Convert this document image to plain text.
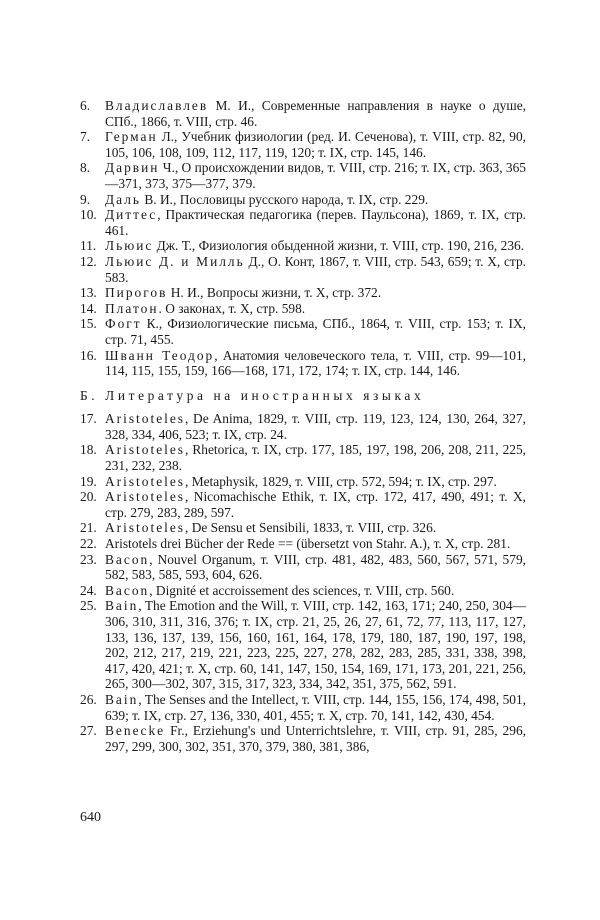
6.	Владиславлев М. И., Современные направления в науке о душе, СПб., 1866, т. VIII, стр. 46.

7.	Герман Л., Учебник физиологии (ред. И. Сеченова), т. VIII, стр. 82, 90, 105, 106, 108, 109, 112, 117, 119, 120; т. IX, стр. 145, 146.

8.	Дарвин Ч., О происхождении видов, т. VIII, стр. 216; т. IX, стр. 363, 365—371, 373, 375—377, 379.

9.	Даль В. И., Пословицы русского народа, т. IX, стр. 229.

10. Диттес, Практическая педагогика (перев. Паульсона), 1869, т. IX, стр. 461.

11. Льюис Дж. Т., Физиология обыденной жизни, т. VIII, стр. 190, 216, 236.

12. Льюис Д. и Милль Д., О. Конт, 1867, т. VIII, стр. 543, 659; т. X, стр. 583.

13. Пирогов Н. И., Вопросы жизни, т. X, стр. 372.

14. Платон. О законах, т. X, стр. 598.

15. Фогт К., Физиологические письма, СПб., 1864, т. VIII, стр. 153; т. IX, стр. 71, 455.

16. Шванн Теодор, Анатомия человеческого тела, т. VIII, стр. 99—101, 114, 115, 155, 159, 166—168, 171, 172, 174; т. IX, стр. 144, 146.

Б. Литература на иностранных языках

17. Aristoteles, De Anima, 1829, т. VIII, стр. 119, 123, 124, 130, 264, 327, 328, 334, 406, 523; т. IX, стр. 24.

18. Aristoteles, Rhetorica, т. IX, стр. 177, 185, 197, 198, 206, 208, 211, 225, 231, 232, 238.

19. Aristoteles, Metaphysik, 1829, т. VIII, стр. 572, 594; т. IX, стр. 297.

20. Aristoteles, Nicomachische Ethik, т. IX, стр. 172, 417, 490, 491; т. X, стр. 279, 283, 289, 597.

21. Aristoteles, De Sensu et Sensibili, 1833, т. VIII, стр. 326.

22. Aristotels drei Bücher der Rede == (übersetzt von Stahr. A.), т. X, стр. 281.

23. Bacon, Nouvel Organum, т. VIII, стр. 481, 482, 483, 560, 567, 571, 579, 582, 583, 585, 593, 604, 626.

24. Bacon, Dignité et accroissement des sciences, т. VIII, стр. 560.

25. Bain, The Emotion and the Will, т. VIII, стр. 142, 163, 171; 240, 250, 304—306, 310, 311, 316, 376; т. IX, стр. 21, 25, 26, 27, 61, 72, 77, 113, 117, 127, 133, 136, 137, 139, 156, 160, 161, 164, 178, 179, 180, 187, 190, 197, 198, 202, 212, 217, 219, 221, 223, 225, 227, 278, 282, 283, 285, 331, 338, 398, 417, 420, 421; т. X, стр. 60, 141, 147, 150, 154, 169, 171, 173, 201, 221, 256, 265, 300—302, 307, 315, 317, 323, 334, 342, 351, 375, 562, 591.

26. Bain, The Senses and the Intellect, т. VIII, стр. 144, 155, 156, 174, 498, 501, 639; т. IX, стр. 27, 136, 330, 401, 455; т. X, стр. 70, 141, 142, 430, 454.

27. Benecke Fr., Erziehung's und Unterrichtslehre, т. VIII, стр. 91, 285, 296, 297, 299, 300, 302, 351, 370, 379, 380, 381, 386,

640
